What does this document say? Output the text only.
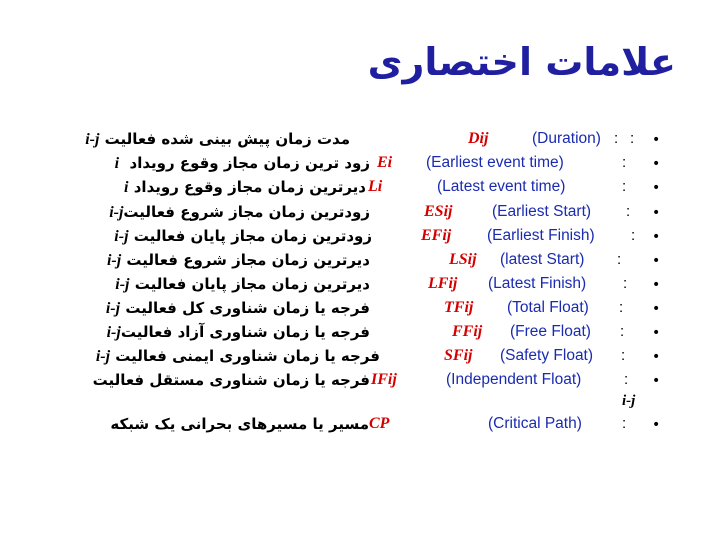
علامات اختصاری
•
:
(Duration) :
Dij
مدت زمان پیش بینی شده فعالیت i-j
•
:
(Earliest event time)
Ei
زود ترین زمان مجاز وقوع رویداد  i
•
:
(Latest event time)
Li
دیرترین زمان مجاز وقوع رویداد i
•
:
(Earliest Start)
ESij
زودترین زمان مجاز شروع فعالیتi-j
•
:
(Earliest Finish)
EFij
زودترین زمان مجاز پایان فعالیت i-j
•
:
(latest Start)
LSij
دیرترین زمان مجاز شروع فعالیت i-j
•
:
(Latest Finish)
LFij
دیرترین زمان مجاز پایان فعالیت i-j
•
:
(Total Float)
TFij
فرجه یا زمان شناوری کل فعالیت i-j
•
:
(Free Float)
FFij
فرجه یا زمان شناوری آزاد فعالیتi-j
•
:
(Safety Float)
SFij
فرجه یا زمان شناوری ایمنی فعالیت i-j
•
:
(Independent Float)
IFij
فرجه یا زمان شناوری مستقل فعالیت
i-j
•
:
(Critical Path)
CP
مسیر یا مسیرهای بحرانی یک شبکه
